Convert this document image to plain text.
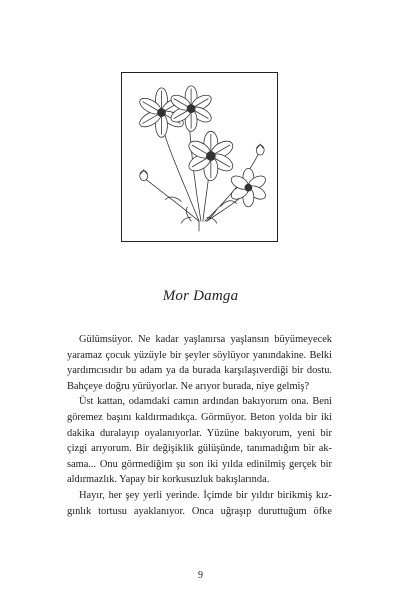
Mor Damga
Gülümsüyor. Ne kadar yaşlanırsa yaşlansın büyümeyecek
yaramaz çocuk yüzüyle bir şeyler söylüyor yanındakine. Belki
yardımcısıdır bu adam ya da burada karşılaşıverdiği bir dostu.
Bahçeye doğru yürüyorlar. Ne arıyor burada, niye gelmiş?
Üst kattan, odamdaki camın ardından bakıyorum ona. Beni
göremez başını kaldırmadıkça. Görmüyor. Beton yolda bir iki
dakika duralayıp oyalanıyorlar. Yüzüne bakıyorum, yeni bir
çizgi arıyorum. Bir değişiklik gülüşünde, tanımadığım bir ak-
sama... Onu görmediğim şu son iki yılda edinilmiş gerçek bir
aldırmazlık. Yapay bir korkusuzluk bakışlarında.
Hayır, her şey yerli yerinde. İçimde bir yıldır birikmiş kız-
gınlık tortusu ayaklanıyor. Onca uğraşıp duruttuğum öfke
9
